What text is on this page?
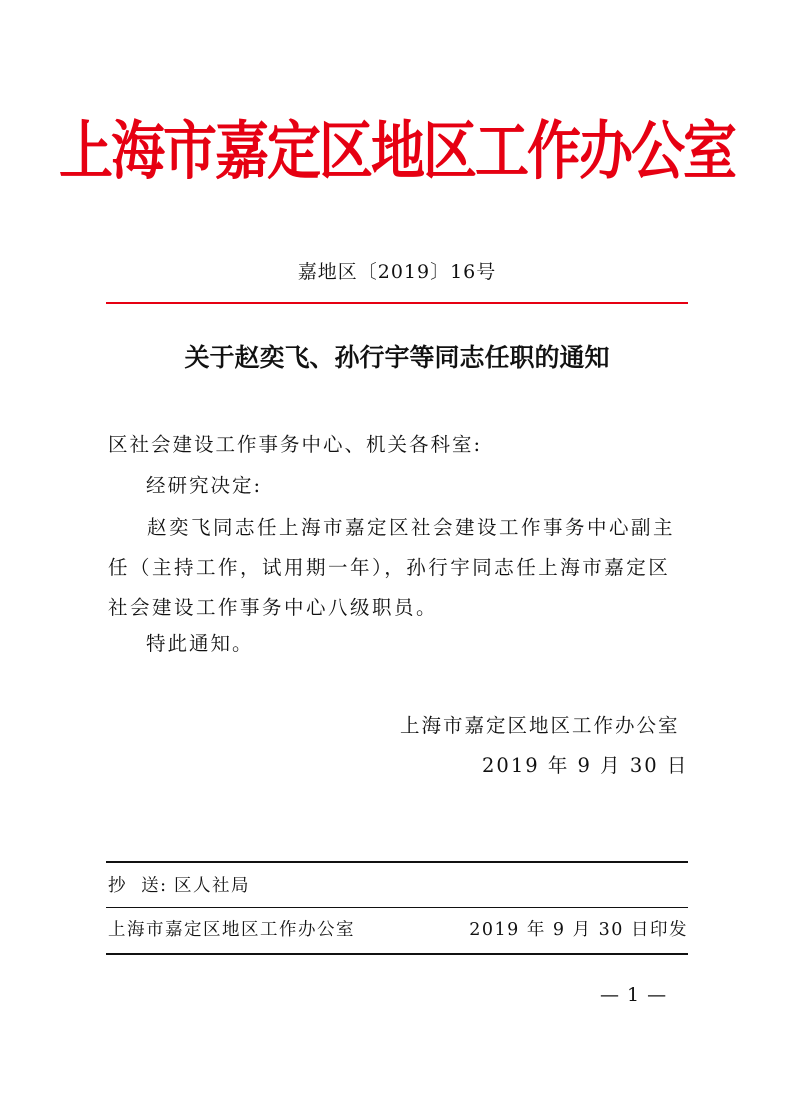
上海市嘉定区地区工作办公室
嘉地区〔2019〕16号
关于赵奕飞、孙行宇等同志任职的通知
区社会建设工作事务中心、机关各科室:
经研究决定:
赵奕飞同志任上海市嘉定区社会建设工作事务中心副主任（主持工作，试用期一年），孙行宇同志任上海市嘉定区社会建设工作事务中心八级职员。
特此通知。
上海市嘉定区地区工作办公室
2019 年 9 月 30 日
抄  送: 区人社局
上海市嘉定区地区工作办公室	2019 年 9 月 30 日印发
— 1 —
